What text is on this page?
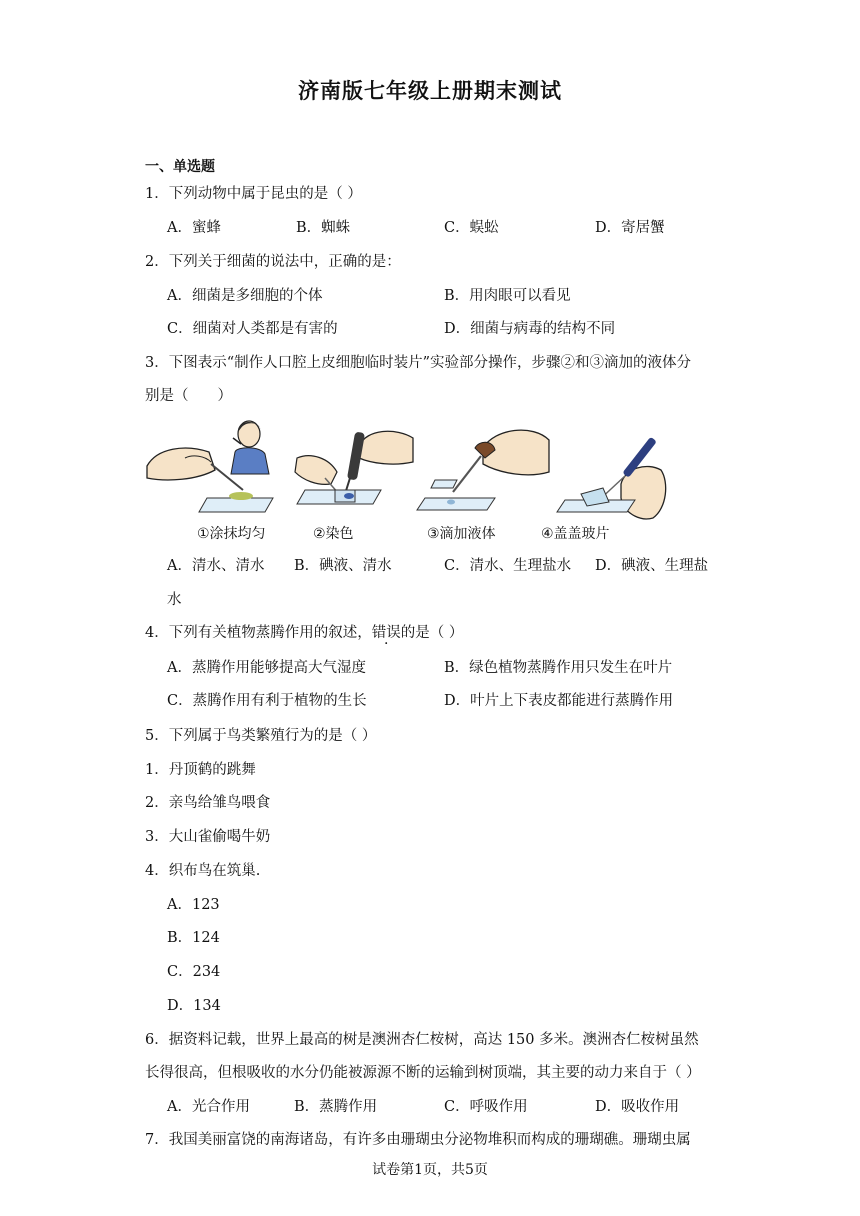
济南版七年级上册期末测试
一、单选题
1．下列动物中属于昆虫的是（ ）
A．蜜蜂	B．蜘蛛	C．蜈蚣	D．寄居蟹
2．下列关于细菌的说法中，正确的是：
A．细菌是多细胞的个体	B．用肉眼可以看见
C．细菌对人类都是有害的	D．细菌与病毒的结构不同
3．下图表示“制作人口腔上皮细胞临时装片”实验部分操作，步骤②和③滴加的液体分
别是（　　）
①涂抹均匀	②染色	③滴加液体	④盖盖玻片
A．清水、清水 B．碘液、清水	C．清水、生理盐水 D．碘液、生理盐
水
4．下列有关植物蒸腾作用的叙述，错误的是（ ）
A．蒸腾作用能够提高大气湿度	B．绿色植物蒸腾作用只发生在叶片
C．蒸腾作用有利于植物的生长	D．叶片上下表皮都能进行蒸腾作用
5．下列属于鸟类繁殖行为的是（ ）
1．丹顶鹤的跳舞
2．亲鸟给雏鸟喂食
3．大山雀偷喝牛奶
4．织布鸟在筑巢.
A．123
B．124
C．234
D．134
6．据资料记载，世界上最高的树是澳洲杏仁桉树，高达 150 多米。澳洲杏仁桉树虽然
长得很高，但根吸收的水分仍能被源源不断的运输到树顶端，其主要的动力来自于（ ）
A．光合作用	B．蒸腾作用	C．呼吸作用	D．吸收作用
7．我国美丽富饶的南海诸岛，有许多由珊瑚虫分泌物堆积而构成的珊瑚礁。珊瑚虫属
试卷第1页，共5页
